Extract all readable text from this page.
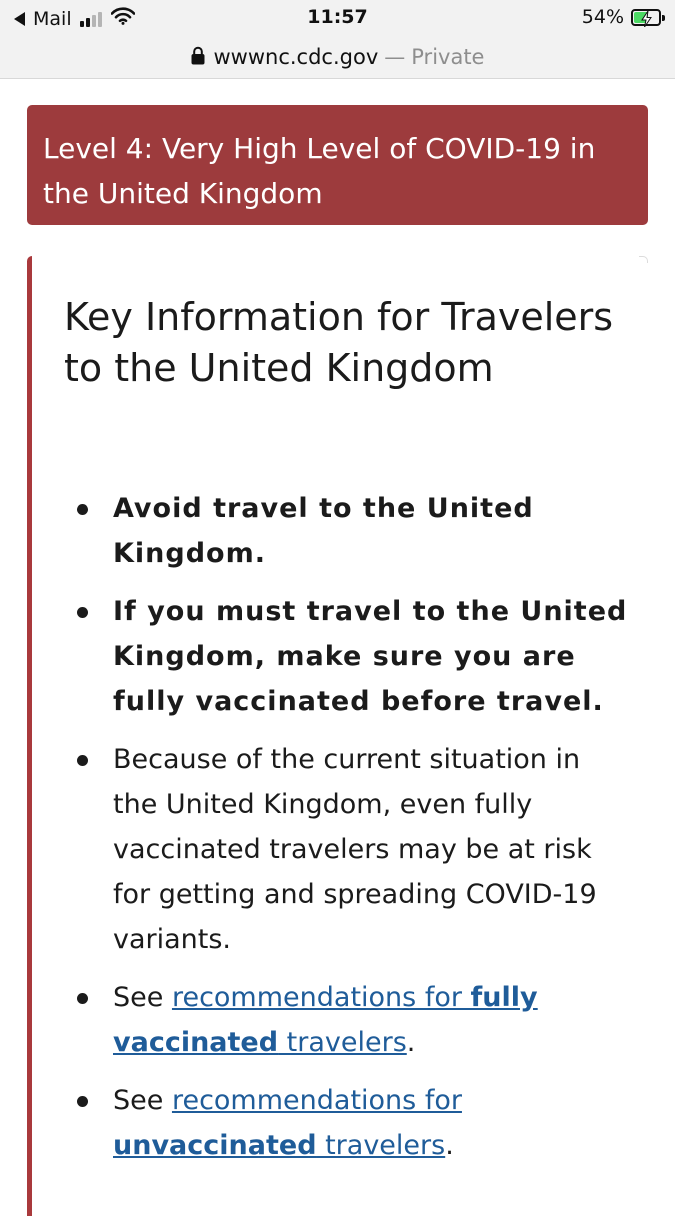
Mail	11:57	54%
wwwnc.cdc.gov — Private
Level 4: Very High Level of COVID-19 in the United Kingdom
Key Information for Travelers to the United Kingdom
Avoid travel to the United Kingdom.
If you must travel to the United Kingdom, make sure you are fully vaccinated before travel.
Because of the current situation in the United Kingdom, even fully vaccinated travelers may be at risk for getting and spreading COVID-19 variants.
See recommendations for fully vaccinated travelers.
See recommendations for unvaccinated travelers.
